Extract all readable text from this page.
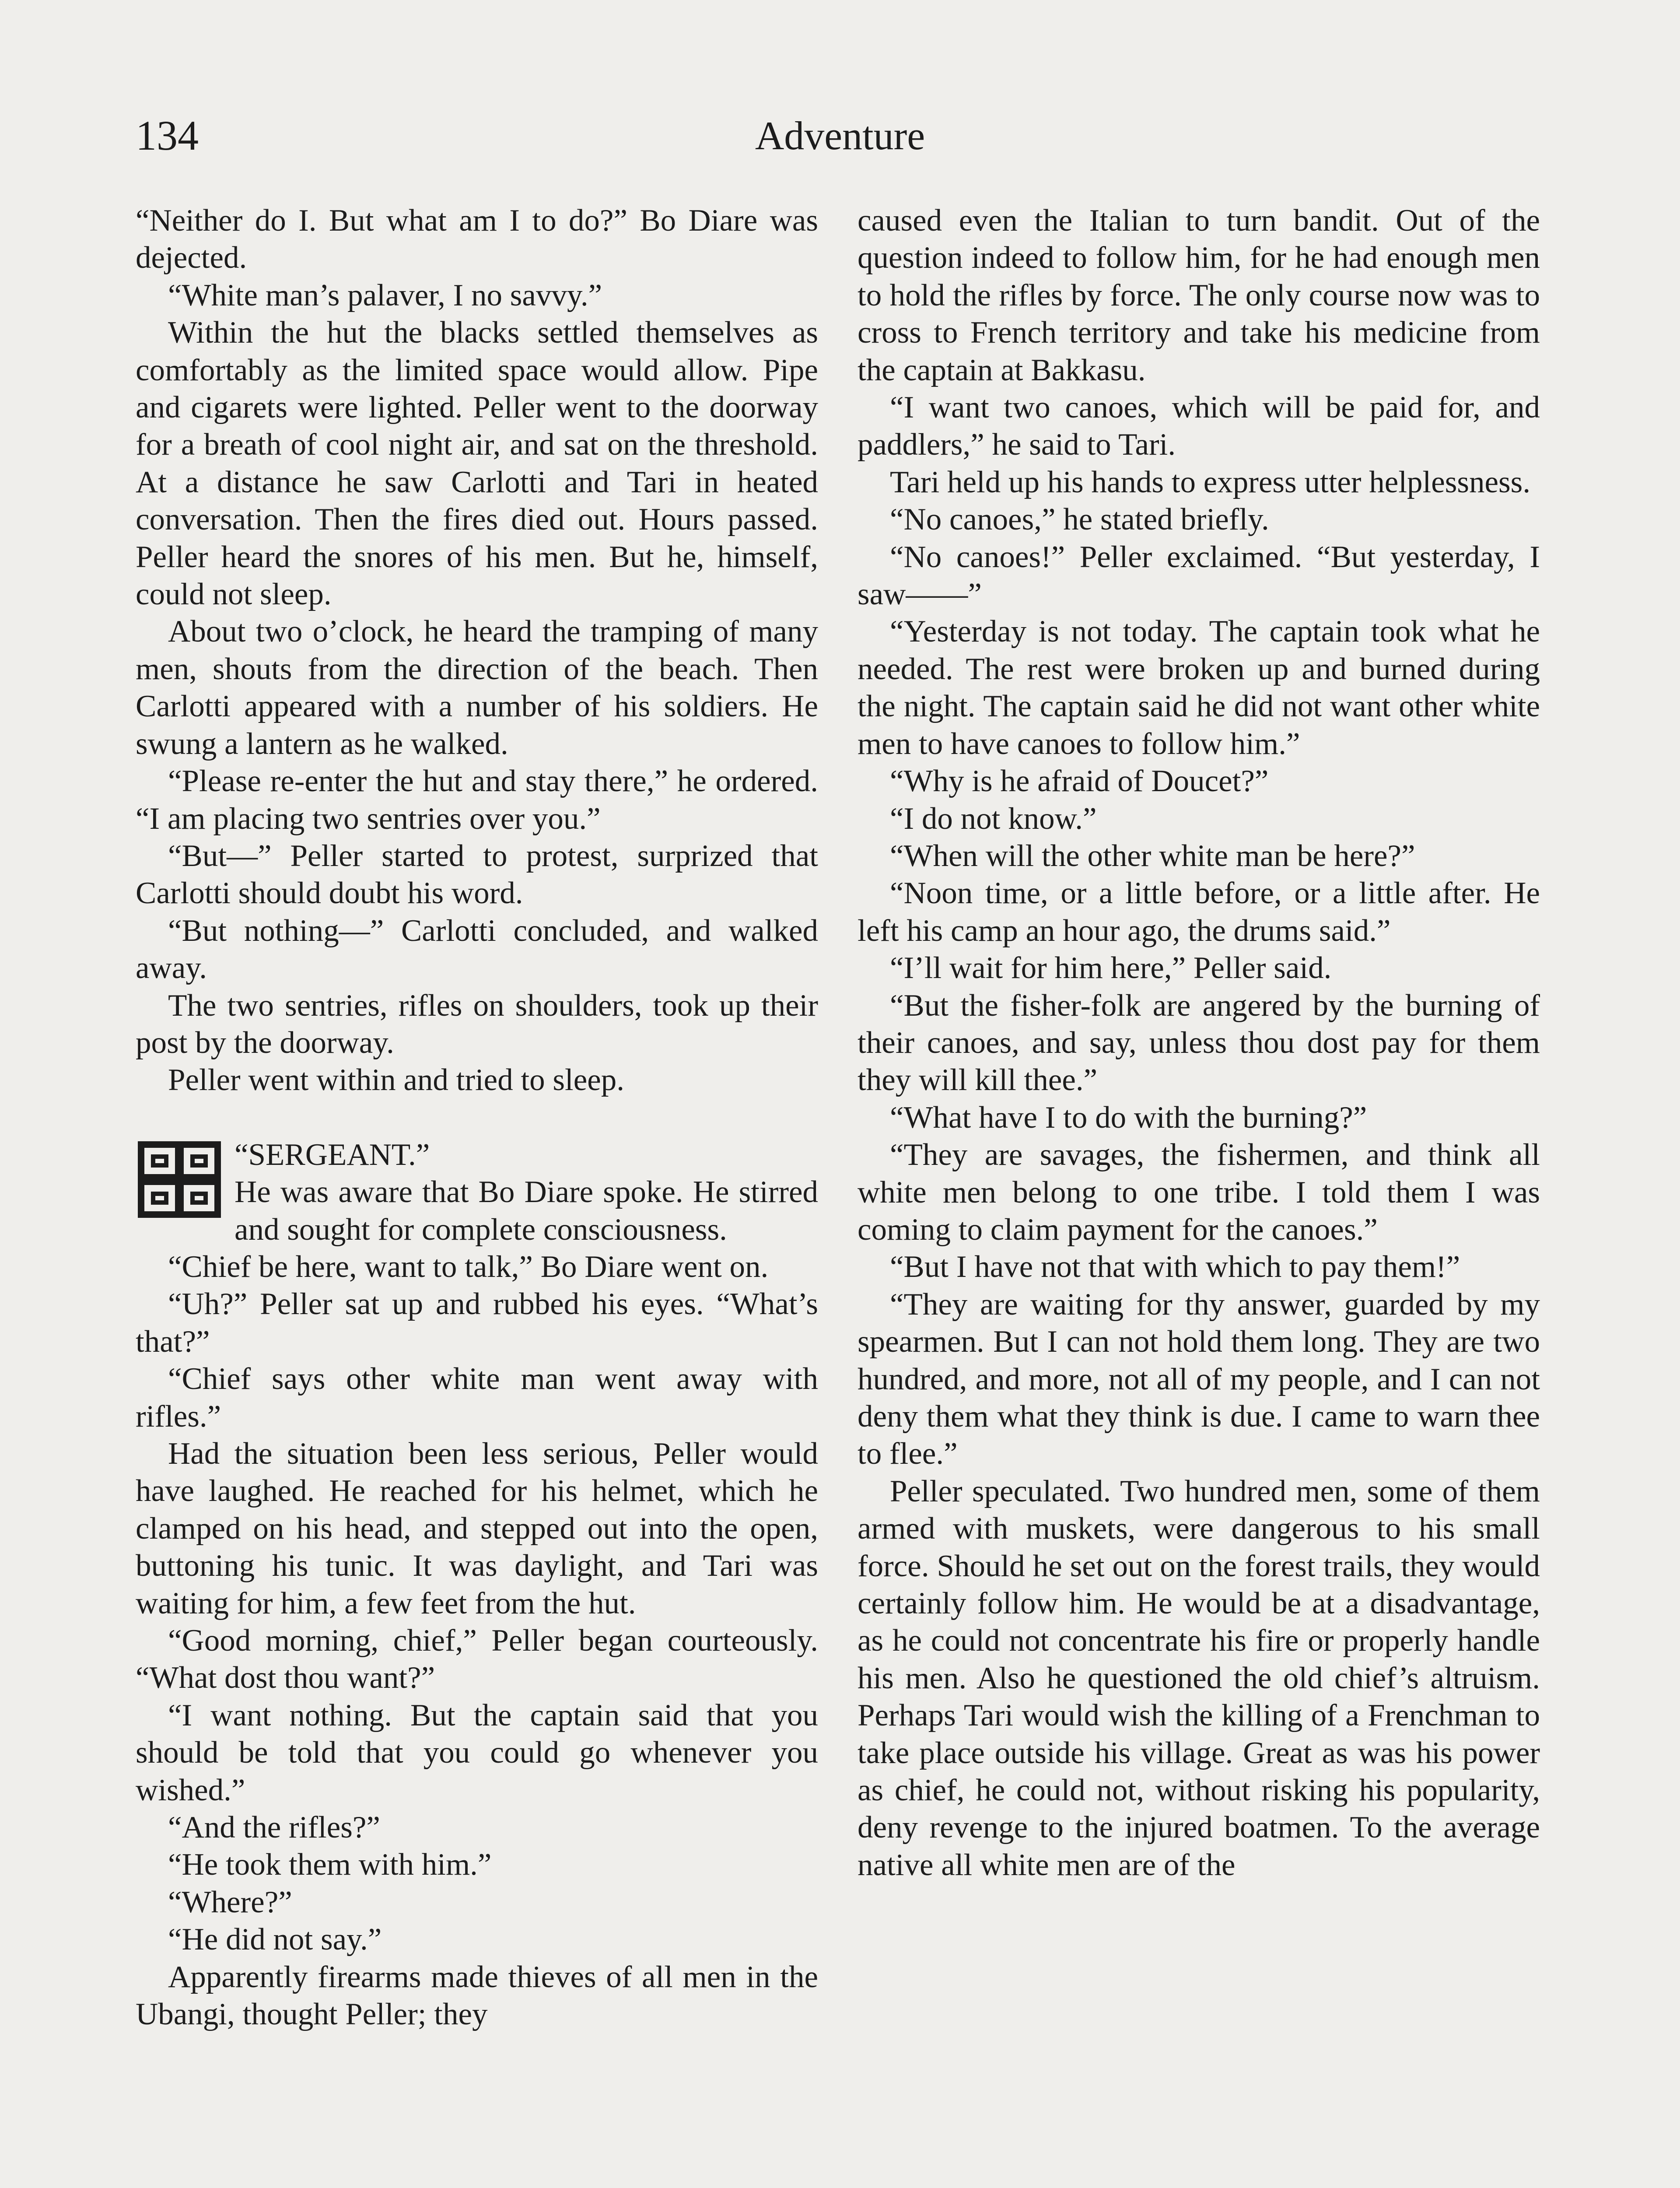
134	Adventure

“Neither do I. But what am I to do?” Bo Diare was dejected.

“White man’s palaver, I no savvy.”

Within the hut the blacks settled themselves as comfortably as the limited space would allow. Pipe and cigarets were lighted. Peller went to the doorway for a breath of cool night air, and sat on the threshold. At a distance he saw Carlotti and Tari in heated conversation. Then the fires died out. Hours passed. Peller heard the snores of his men. But he, himself, could not sleep.

About two o’clock, he heard the tramping of many men, shouts from the direction of the beach. Then Carlotti appeared with a number of his soldiers. He swung a lantern as he walked.

“Please re-enter the hut and stay there,” he ordered. “I am placing two sentries over you.”

“But—” Peller started to protest, surprized that Carlotti should doubt his word.

“But nothing—” Carlotti concluded, and walked away.

The two sentries, rifles on shoulders, took up their post by the doorway.

Peller went within and tried to sleep.

“SERGEANT.”

He was aware that Bo Diare spoke. He stirred and sought for complete consciousness.

“Chief be here, want to talk,” Bo Diare went on.

“Uh?” Peller sat up and rubbed his eyes. “What’s that?”

“Chief says other white man went away with rifles.”

Had the situation been less serious, Peller would have laughed. He reached for his helmet, which he clamped on his head, and stepped out into the open, buttoning his tunic. It was daylight, and Tari was waiting for him, a few feet from the hut.

“Good morning, chief,” Peller began courteously. “What dost thou want?”

“I want nothing. But the captain said that you should be told that you could go whenever you wished.”

“And the rifles?”

“He took them with him.”

“Where?”

“He did not say.”

Apparently firearms made thieves of all men in the Ubangi, thought Peller; they

caused even the Italian to turn bandit. Out of the question indeed to follow him, for he had enough men to hold the rifles by force. The only course now was to cross to French territory and take his medicine from the captain at Bakkasu.

“I want two canoes, which will be paid for, and paddlers,” he said to Tari.

Tari held up his hands to express utter helplessness.

“No canoes,” he stated briefly.

“No canoes!” Peller exclaimed. “But yesterday, I saw——”

“Yesterday is not today. The captain took what he needed. The rest were broken up and burned during the night. The captain said he did not want other white men to have canoes to follow him.”

“Why is he afraid of Doucet?”

“I do not know.”

“When will the other white man be here?”

“Noon time, or a little before, or a little after. He left his camp an hour ago, the drums said.”

“I’ll wait for him here,” Peller said.

“But the fisher-folk are angered by the burning of their canoes, and say, unless thou dost pay for them they will kill thee.”

“What have I to do with the burning?”

“They are savages, the fishermen, and think all white men belong to one tribe. I told them I was coming to claim payment for the canoes.”

“But I have not that with which to pay them!”

“They are waiting for thy answer, guarded by my spearmen. But I can not hold them long. They are two hundred, and more, not all of my people, and I can not deny them what they think is due. I came to warn thee to flee.”

Peller speculated. Two hundred men, some of them armed with muskets, were dangerous to his small force. Should he set out on the forest trails, they would certainly follow him. He would be at a disadvantage, as he could not concentrate his fire or properly handle his men. Also he questioned the old chief’s altruism. Perhaps Tari would wish the killing of a Frenchman to take place outside his village. Great as was his power as chief, he could not, without risking his popularity, deny revenge to the injured boatmen. To the average native all white men are of the
